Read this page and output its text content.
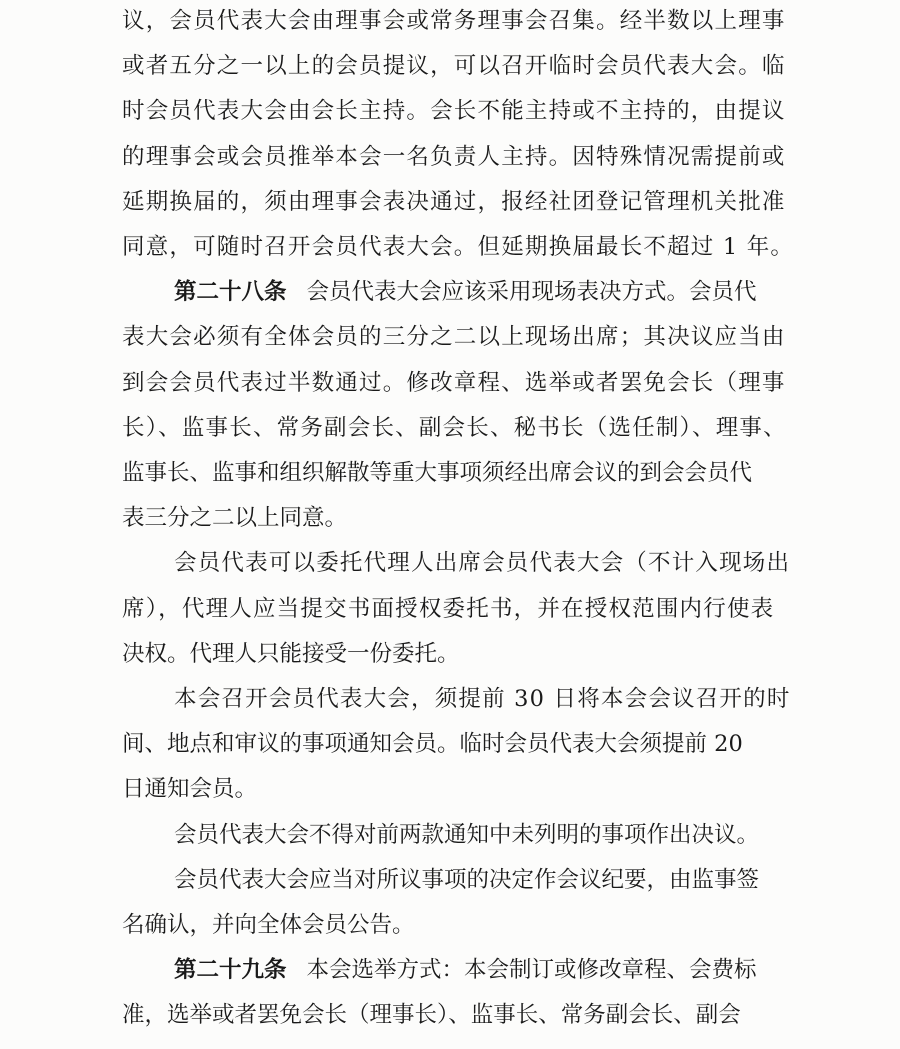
议，会员代表大会由理事会或常务理事会召集。经半数以上理事
或者五分之一以上的会员提议，可以召开临时会员代表大会。临
时会员代表大会由会长主持。会长不能主持或不主持的，由提议
的理事会或会员推举本会一名负责人主持。因特殊情况需提前或
延期换届的，须由理事会表决通过，报经社团登记管理机关批准
同意，可随时召开会员代表大会。但延期换届最长不超过 1 年。
第二十八条 会员代表大会应该采用现场表决方式。会员代
表大会必须有全体会员的三分之二以上现场出席；其决议应当由
到会会员代表过半数通过。修改章程、选举或者罢免会长（理事
长）、监事长、常务副会长、副会长、秘书长（选任制）、理事、
监事长、监事和组织解散等重大事项须经出席会议的到会会员代
表三分之二以上同意。
会员代表可以委托代理人出席会员代表大会（不计入现场出
席），代理人应当提交书面授权委托书，并在授权范围内行使表
决权。代理人只能接受一份委托。
本会召开会员代表大会，须提前 30 日将本会会议召开的时
间、地点和审议的事项通知会员。临时会员代表大会须提前 20
日通知会员。
会员代表大会不得对前两款通知中未列明的事项作出决议。
会员代表大会应当对所议事项的决定作会议纪要，由监事签
名确认，并向全体会员公告。
第二十九条 本会选举方式：本会制订或修改章程、会费标
准，选举或者罢免会长（理事长）、监事长、常务副会长、副会
